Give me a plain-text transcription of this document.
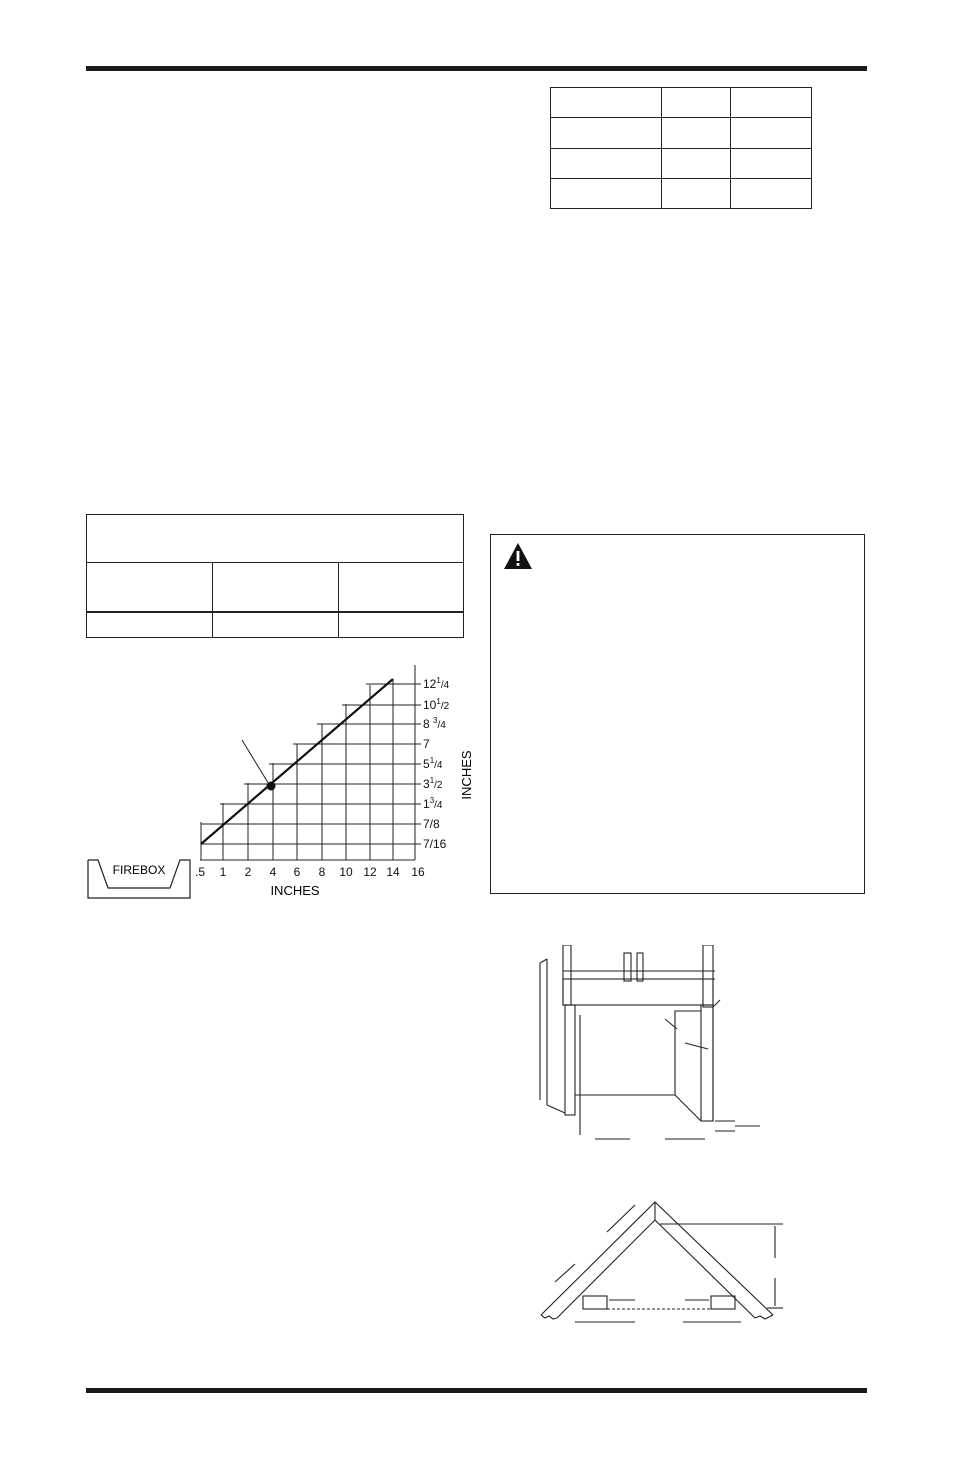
$12^1_{/4}$
$10^1_{/2}$
8 $^3_{/4}$
7
$5^1_{/4}$
$3^1_{/2}$
$1^3_{/4}$
7/8
7/16
.5 1 2 4 6 8 10 12 14 16
INCHES
INCHES
FIREBOX
